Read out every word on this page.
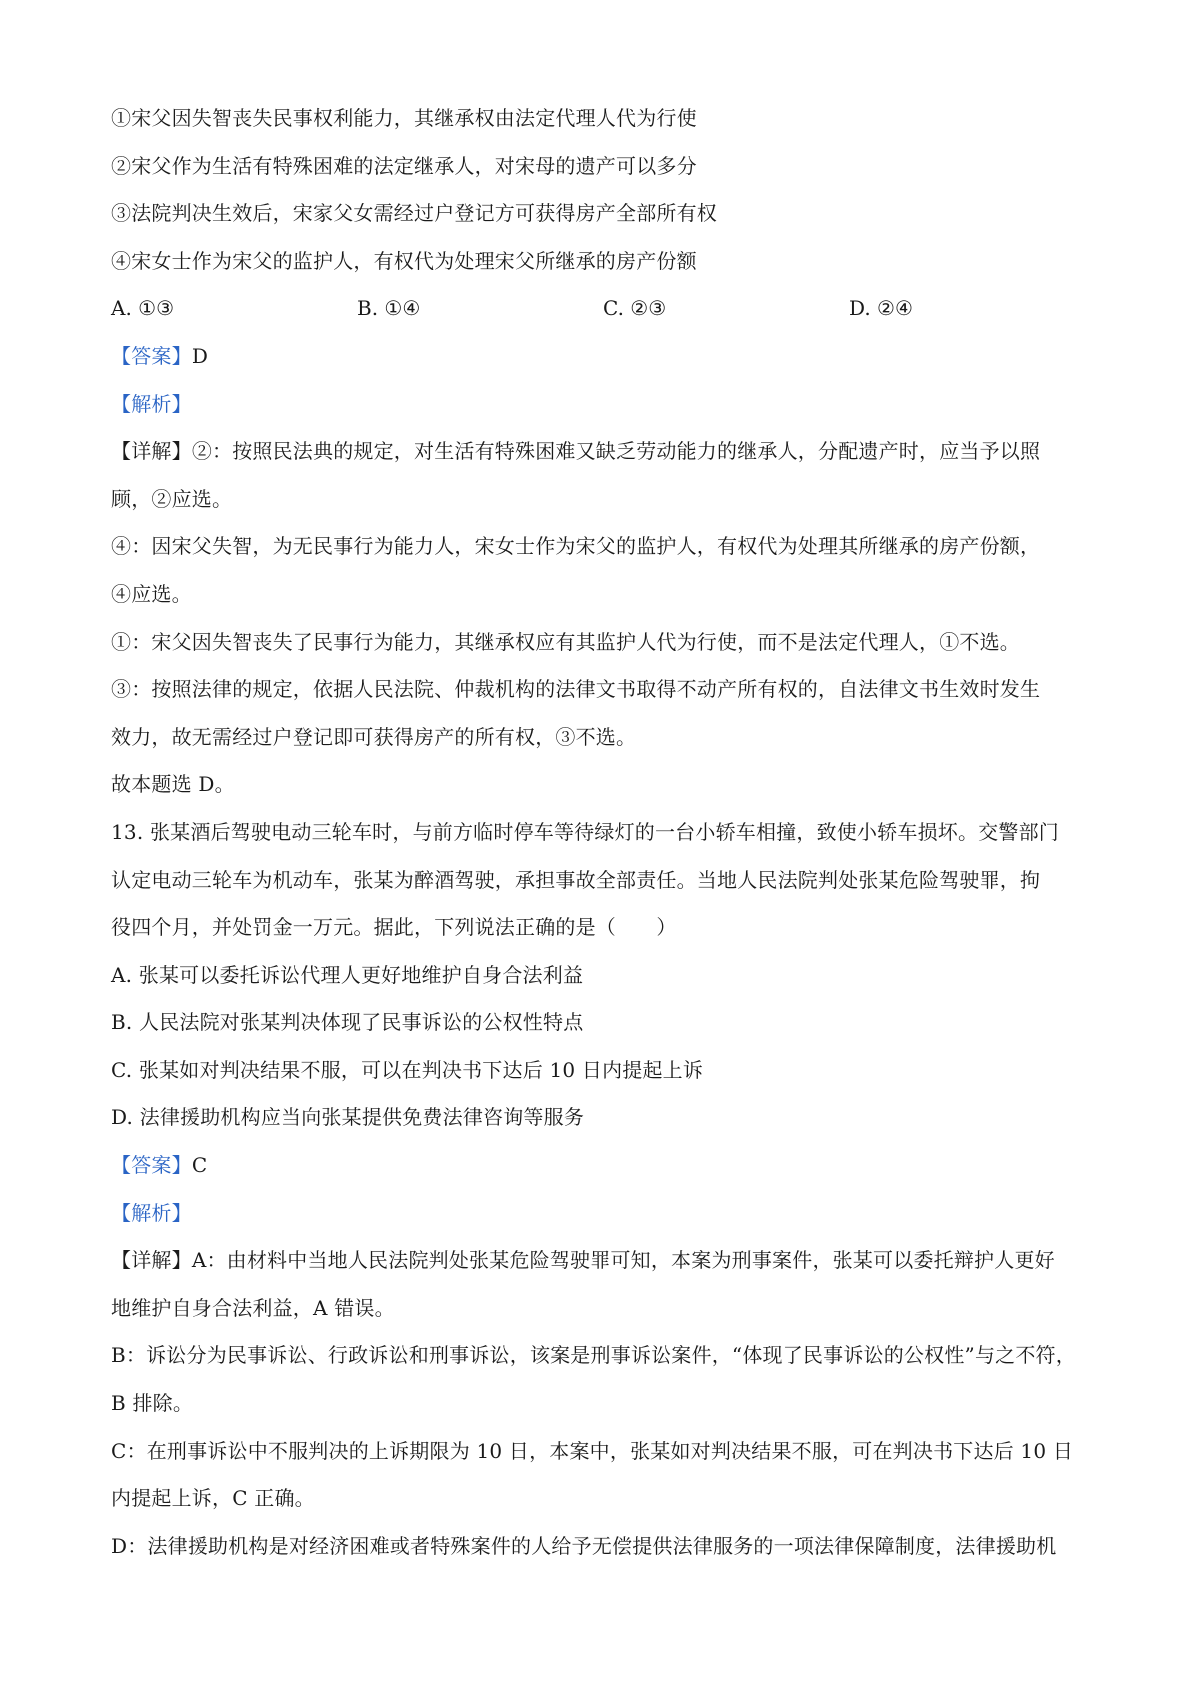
①宋父因失智丧失民事权利能力，其继承权由法定代理人代为行使
②宋父作为生活有特殊困难的法定继承人，对宋母的遗产可以多分
③法院判决生效后，宋家父女需经过户登记方可获得房产全部所有权
④宋女士作为宋父的监护人，有权代为处理宋父所继承的房产份额
A. ①③	B. ①④	C. ②③	D. ②④
【答案】D
【解析】
【详解】②：按照民法典的规定，对生活有特殊困难又缺乏劳动能力的继承人，分配遗产时，应当予以照
顾，②应选。
④：因宋父失智，为无民事行为能力人，宋女士作为宋父的监护人，有权代为处理其所继承的房产份额，
④应选。
①：宋父因失智丧失了民事行为能力，其继承权应有其监护人代为行使，而不是法定代理人，①不选。
③：按照法律的规定，依据人民法院、仲裁机构的法律文书取得不动产所有权的，自法律文书生效时发生
效力，故无需经过户登记即可获得房产的所有权，③不选。
故本题选 D。
13. 张某酒后驾驶电动三轮车时，与前方临时停车等待绿灯的一台小轿车相撞，致使小轿车损坏。交警部门
认定电动三轮车为机动车，张某为醉酒驾驶，承担事故全部责任。当地人民法院判处张某危险驾驶罪，拘
役四个月，并处罚金一万元。据此，下列说法正确的是（　　）
A. 张某可以委托诉讼代理人更好地维护自身合法利益
B. 人民法院对张某判决体现了民事诉讼的公权性特点
C. 张某如对判决结果不服，可以在判决书下达后 10 日内提起上诉
D. 法律援助机构应当向张某提供免费法律咨询等服务
【答案】C
【解析】
【详解】A：由材料中当地人民法院判处张某危险驾驶罪可知，本案为刑事案件，张某可以委托辩护人更好
地维护自身合法利益，A 错误。
B：诉讼分为民事诉讼、行政诉讼和刑事诉讼，该案是刑事诉讼案件，“体现了民事诉讼的公权性”与之不符，
B 排除。
C：在刑事诉讼中不服判决的上诉期限为 10 日，本案中，张某如对判决结果不服，可在判决书下达后 10 日
内提起上诉，C 正确。
D：法律援助机构是对经济困难或者特殊案件的人给予无偿提供法律服务的一项法律保障制度，法律援助机
